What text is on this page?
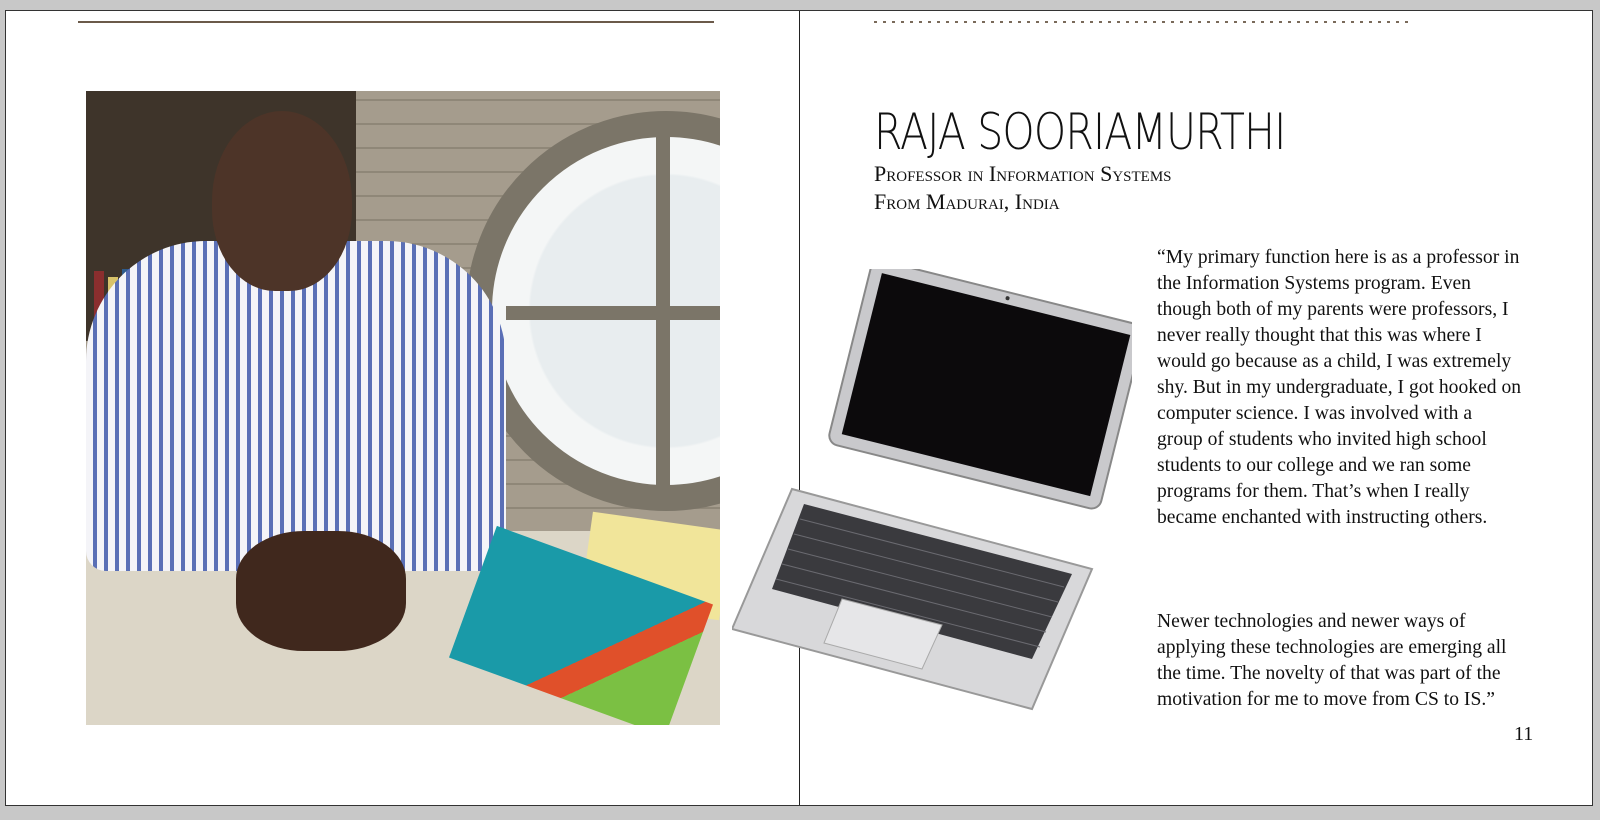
RAJA SOORIAMURTHI

Professor in Information Systems

From Madurai, India

“My primary function here is as a professor in the Information Systems program. Even though both of my parents were professors, I never really thought that this was where I would go because as a child, I was extremely shy. But in my undergraduate, I got hooked on computer science. I was involved with a group of students who invited high school students to our college and we ran some programs for them. That’s when I really became enchanted with instructing others.

Newer technologies and newer ways of applying these technologies are emerging all the time. The novelty of that was part of the motivation for me to move from CS to IS.”

11
